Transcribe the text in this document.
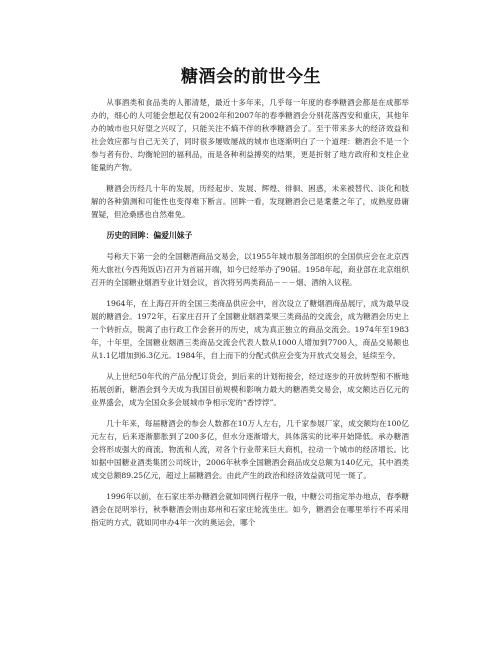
糖酒会的前世今生

从事酒类和食品类的人都清楚，最近十多年来，几乎每一年度的春季糖酒会都是在成都举办的，细心的人可能会想起仅有2002年和2007年的春季糖酒会分别花落西安和重庆，其他年办的城市也只好望之兴叹了，只能关注不熵不伴的秋季糖酒会了。至于带来多大的经济效益和社会效应都与自己无关了，同时很多屡败屡战的城市也逐渐明白了一个道理：糖酒会不是一个参与者有份、均衡轮回的福利品，而是各种利益搏奕的结果，更是折射了地方政府和支柱企业能量的产物。

糖酒会历经几十年的发展，历经起步、发展、辉煌、徘徊、困惑，未来被替代、淡化和肢解的各种猜测和可能性也变得难下断言。回眸一看，发现糖酒会已是耄耋之年了，成熟度毋庸置疑，但沧桑感也自然难免。

历史的回眸：偏爱川妹子

号称天下第一会的全国糖酒商品交易会，以1955年城市服务部组织的全国供应会在北京西苑大旅社(今西苑饭店)召开为首届开端，如今已经举办了90届。1958年起，商业部在北京组织召开的全国糖业烟酒专业计划会议，首次将另两类商品－－－烟、酒纳入议程。

1964年，在上海召开的全国三类商品供应会中，首次设立了糖烟酒商品展厅，成为最早设展的糖酒会。1972年，石家庄召开了全国糖业烟酒菜果三类商品的交流会，成为糖酒会历史上一个转折点，脱离了由行政工作会套开的历史，成为真正独立的商品交流会。1974年至1983年，十年里，全国糖业烟酒三类商品交流会代表人数从1000人增加到7700人，商品交易额也从1.1亿增加到6.3亿元。1984年，自上而下的分配式供应会变为开放式交易会，延续至今。

从上世纪50年代的产品分配订货会，到后来的计划衔接会，经过逐步的开放转型和不断地拓展创新，糖酒会到今天成为我国目前规模和影响力最大的糖酒类交易会，成交额达百亿元的业界盛会，成为全国众多会展城市争相示宠的“香饽饽”。

几十年来，每届糖酒会的参会人数都在10万人左右，几千家参展厂家，成交额均在100亿元左右，后来逐渐膨胀到了200多亿，但水分逐渐增大，具体落实的比率开始降低。承办糖酒会将形成强大的商流、物流和人流，对各个行业带来巨大商机，拉动一个城市的经济增长。比如据中国糖业酒类集团公司统计，2006年秋季全国糖酒会商品成交总额为140亿元，其中酒类成交总额89.25亿元，超过上届糖酒会。由此产生的政治和经济效益就可见一斑了。

1996年以前，在石家庄举办糖酒会就如同例行程序一般，中糖公司指定举办地点，春季糖酒会在昆明举行，秋季糖酒会则由郑州和石家庄轮流坐庄。如今，糖酒会在哪里举行不再采用指定的方式，就如同申办4年一次的奥运会，哪个
